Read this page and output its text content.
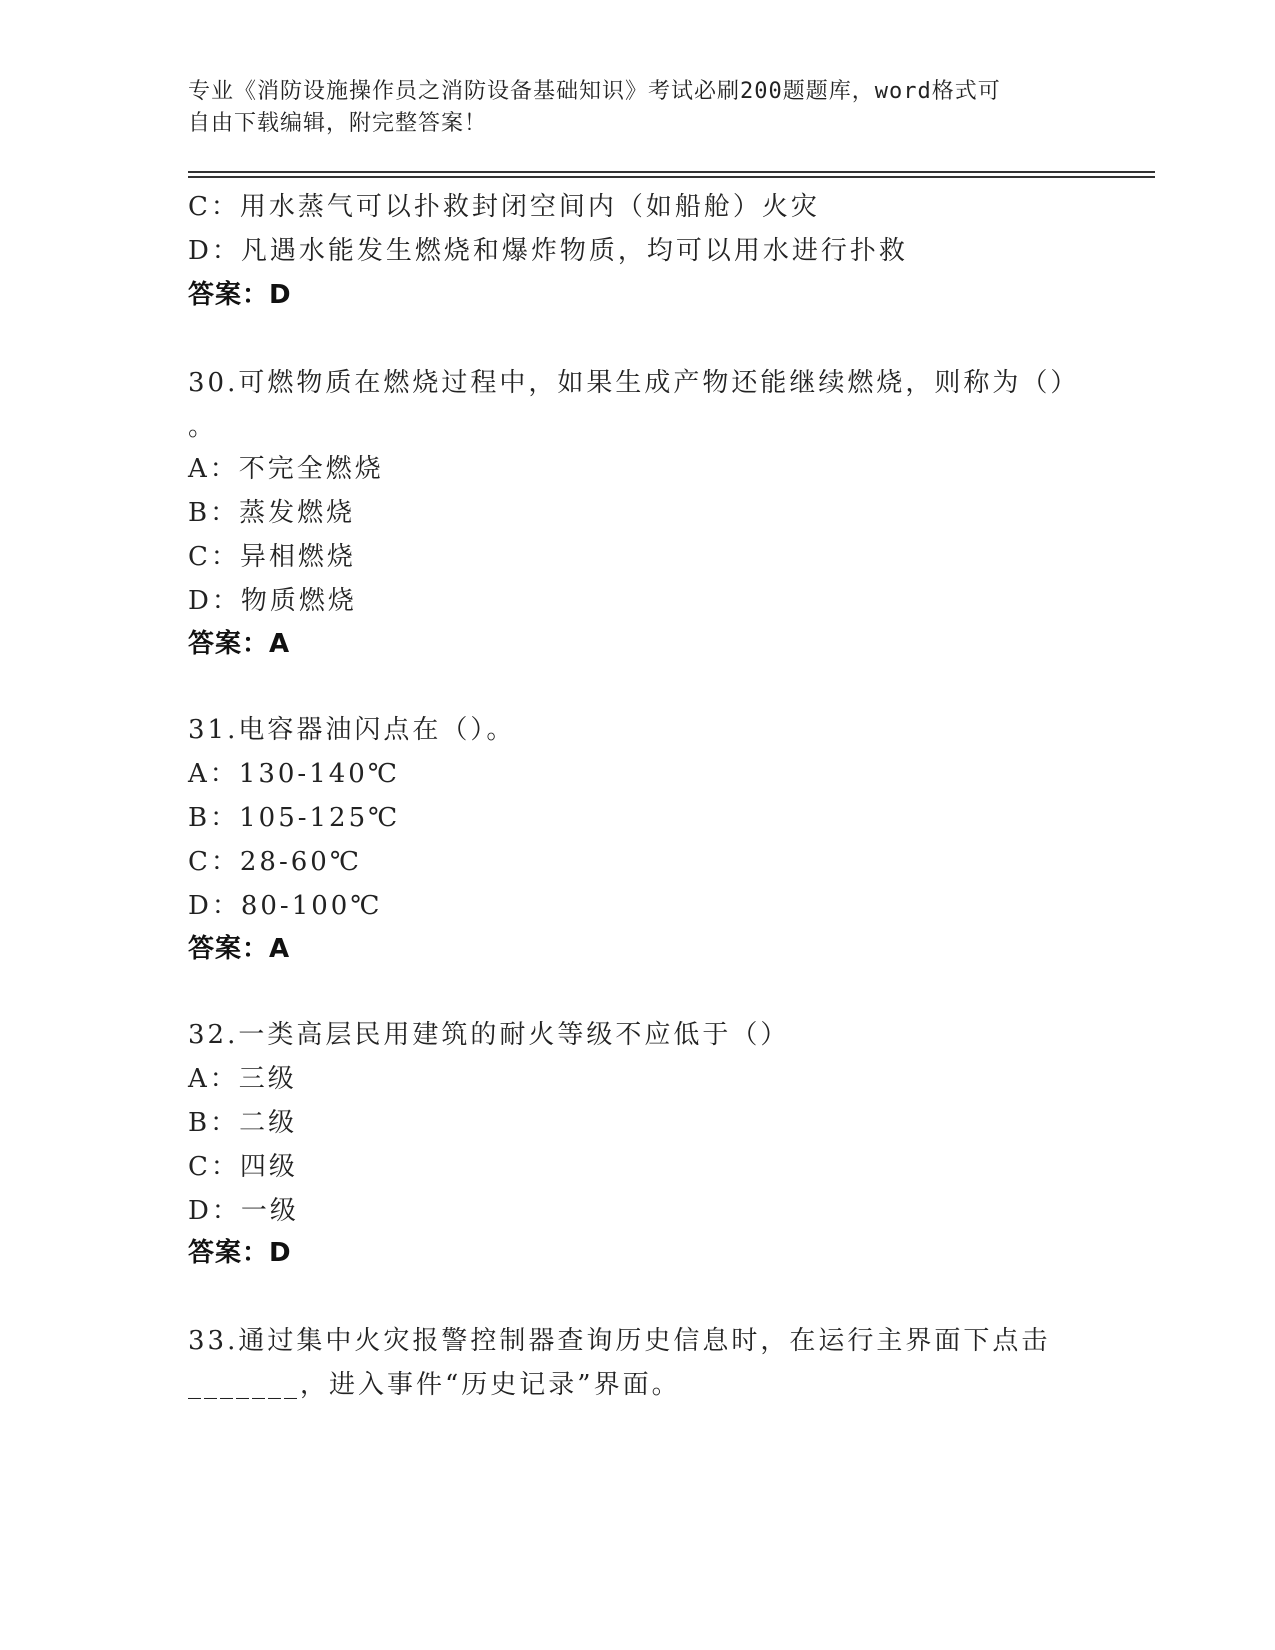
专业《消防设施操作员之消防设备基础知识》考试必刷200题题库，word格式可
自由下载编辑，附完整答案！
C：用水蒸气可以扑救封闭空间内（如船舱）火灾
D：凡遇水能发生燃烧和爆炸物质，均可以用水进行扑救
答案：D
30.可燃物质在燃烧过程中，如果生成产物还能继续燃烧，则称为（）
。
A：不完全燃烧
B：蒸发燃烧
C：异相燃烧
D：物质燃烧
答案：A
31.电容器油闪点在（）。
A：130-140℃
B：105-125℃
C：28-60℃
D：80-100℃
答案：A
32.一类高层民用建筑的耐火等级不应低于（）
A：三级
B：二级
C：四级
D：一级
答案：D
33.通过集中火灾报警控制器查询历史信息时，在运行主界面下点击
_______，进入事件“历史记录”界面。
